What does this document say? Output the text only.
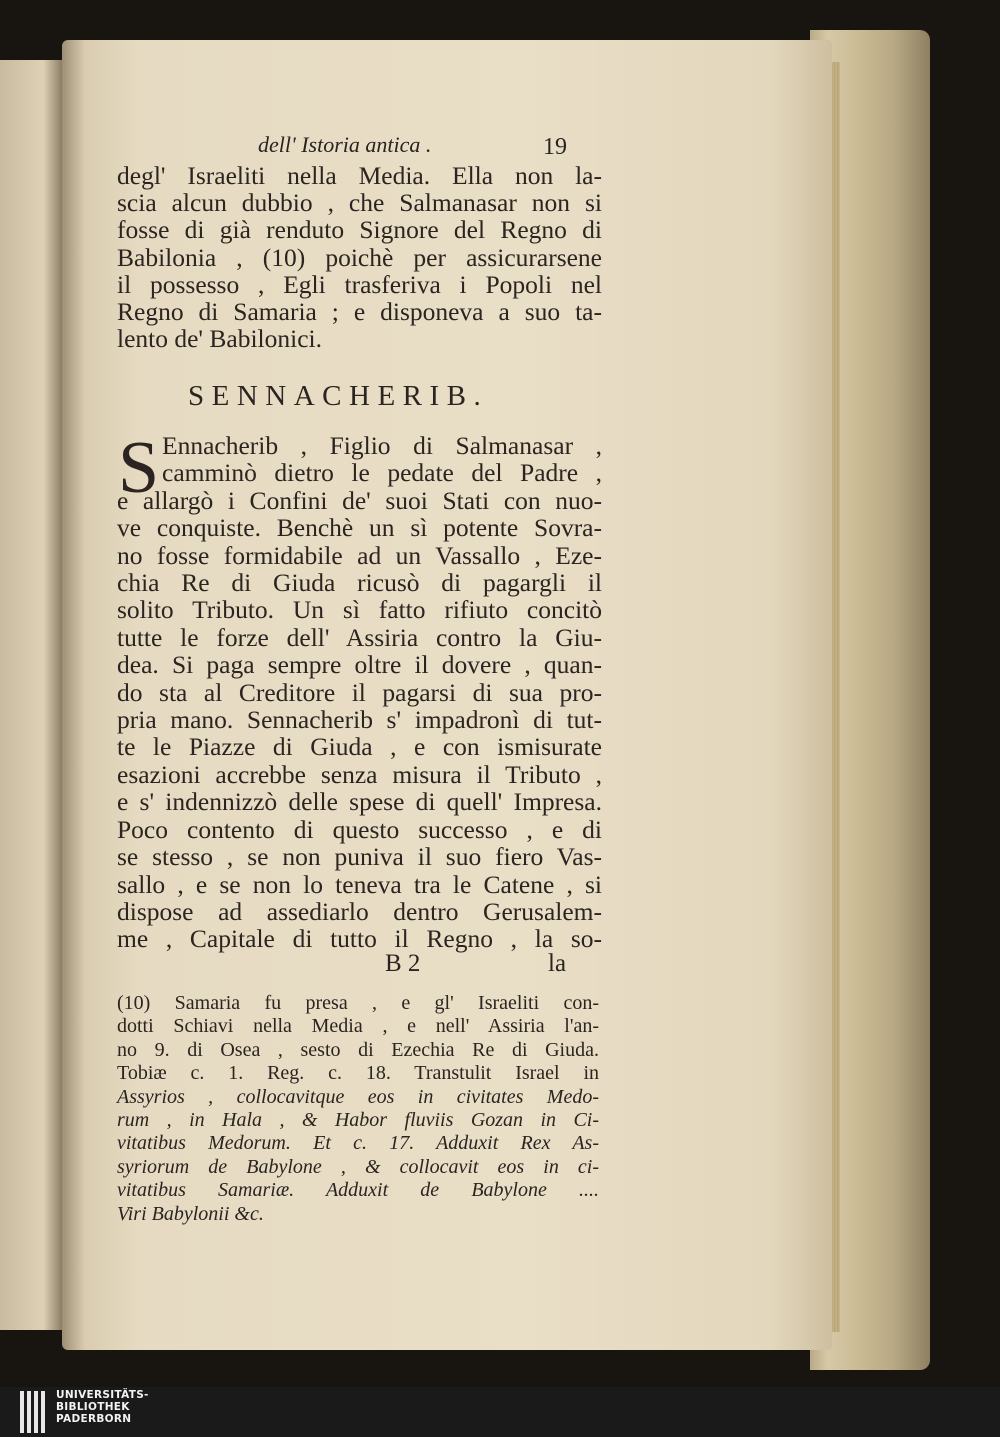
dell' Istoria antica .	19
degl' Israeliti nella Media. Ella non la-
scia alcun dubbio , che Salmanasar non si
fosse di già renduto Signore del Regno di
Babilonia , (10) poichè per assicurarsene
il possesso , Egli trasferiva i Popoli nel
Regno di Samaria ; e disponeva a suo ta-
lento de' Babilonici.
SENNACHERIB.
S Ennacherib , Figlio di Salmanasar ,
camminò dietro le pedate del Padre ,
e allargò i Confini de' suoi Stati con nuo-
ve conquiste. Benchè un sì potente Sovra-
no fosse formidabile ad un Vassallo , Eze-
chia Re di Giuda ricusò di pagargli il
solito Tributo. Un sì fatto rifiuto concitò
tutte le forze dell' Assiria contro la Giu-
dea. Si paga sempre oltre il dovere , quan-
do sta al Creditore il pagarsi di sua pro-
pria mano. Sennacherib s' impadronì di tut-
te le Piazze di Giuda , e con ismisurate
esazioni accrebbe senza misura il Tributo ,
e s' indennizzò delle spese di quell' Impresa.
Poco contento di questo successo , e di
se stesso , se non puniva il suo fiero Vas-
sallo , e se non lo teneva tra le Catene , si
dispose ad assediarlo dentro Gerusalem-
me , Capitale di tutto il Regno , la so-
B 2	la
(10) Samaria fu presa , e gl' Israeliti con-
dotti Schiavi nella Media , e nell' Assiria l'an-
no 9. di Osea , sesto di Ezechia Re di Giuda.
Tobiæ c. 1. Reg. c. 18. Transtulit Israel in
Assyrios , collocavitque eos in civitates Medo-
rum , in Hala , & Habor fluviis Gozan in Ci-
vitatibus Medorum. Et c. 17. Adduxit Rex As-
syriorum de Babylone , & collocavit eos in ci-
vitatibus Samariæ. Adduxit de Babylone ....
Viri Babylonii &c.
UNIVERSITÄTS-
BIBLIOTHEK
PADERBORN
